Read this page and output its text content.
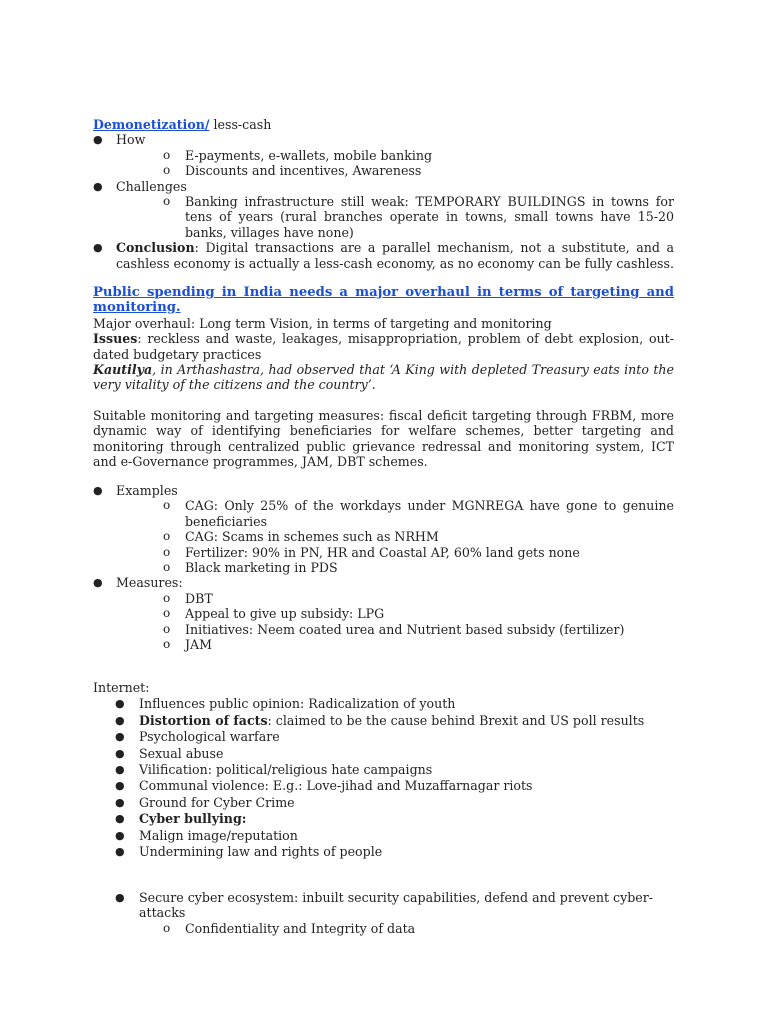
Demonetization/ less-cash
● How
o E-payments, e-wallets, mobile banking
o Discounts and incentives, Awareness
● Challenges
o Banking infrastructure still weak: TEMPORARY BUILDINGS in towns for tens of years (rural branches operate in towns, small towns have 15-20 banks, villages have none)
● Conclusion: Digital transactions are a parallel mechanism, not a substitute, and a cashless economy is actually a less-cash economy, as no economy can be fully cashless.
Public spending in India needs a major overhaul in terms of targeting and monitoring.
Major overhaul: Long term Vision, in terms of targeting and monitoring
Issues: reckless and waste, leakages, misappropriation, problem of debt explosion, out-dated budgetary practices
Kautilya, in Arthashastra, had observed that ‘A King with depleted Treasury eats into the very vitality of the citizens and the country’.
Suitable monitoring and targeting measures: fiscal deficit targeting through FRBM, more dynamic way of identifying beneficiaries for welfare schemes, better targeting and monitoring through centralized public grievance redressal and monitoring system, ICT and e-Governance programmes, JAM, DBT schemes.
● Examples
o CAG: Only 25% of the workdays under MGNREGA have gone to genuine beneficiaries
o CAG: Scams in schemes such as NRHM
o Fertilizer: 90% in PN, HR and Coastal AP, 60% land gets none
o Black marketing in PDS
● Measures:
o DBT
o Appeal to give up subsidy: LPG
o Initiatives: Neem coated urea and Nutrient based subsidy (fertilizer)
o JAM
Internet:
● Influences public opinion: Radicalization of youth
● Distortion of facts: claimed to be the cause behind Brexit and US poll results
● Psychological warfare
● Sexual abuse
● Vilification: political/religious hate campaigns
● Communal violence: E.g.: Love-jihad and Muzaffarnagar riots
● Ground for Cyber Crime
● Cyber bullying:
● Malign image/reputation
● Undermining law and rights of people
● Secure cyber ecosystem: inbuilt security capabilities, defend and prevent cyber-attacks
o Confidentiality and Integrity of data
